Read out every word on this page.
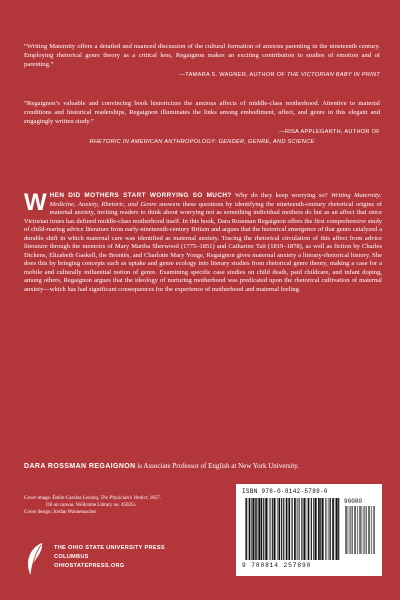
“Writing Maternity offers a detailed and nuanced discussion of the cultural formation of anxious parenting in the nineteenth century. Employing rhetorical genre theory as a critical lens, Regaignon makes an exciting contribution to studies of emotion and of parenting.”

—TAMARA S. WAGNER, AUTHOR OF THE VICTORIAN BABY IN PRINT

“Regaignon’s valuable and convincing book historicizes the anxious affects of middle-class motherhood. Attentive to material conditions and historical readerships, Regaignon illuminates the links among embodiment, affect, and genre in this elegant and engagingly written study.”

—RISA APPLEGARTH, AUTHOR OF
RHETORIC IN AMERICAN ANTHROPOLOGY: GENDER, GENRE, AND SCIENCE
WHEN DID MOTHERS START WORRYING SO MUCH? Why do they keep worrying so? Writing Maternity: Medicine, Anxiety, Rhetoric, and Genre answers these questions by identifying the nineteenth-century rhetorical origins of maternal anxiety, inviting readers to think about worrying not as something individual mothers do but as an affect that since Victorian times has defined middle-class motherhood itself. In this book, Dara Rossman Regaignon offers the first comprehensive study of child-rearing advice literature from early-nineteenth-century Britain and argues that the historical emergence of that genre catalyzed a durable shift in which maternal care was identified as maternal anxiety. Tracing the rhetorical circulation of this affect from advice literature through the memoirs of Mary Martha Sherwood (1775–1851) and Catharine Tait (1819–1878), as well as fiction by Charles Dickens, Elizabeth Gaskell, the Brontës, and Charlotte Mary Yonge, Regaignon gives maternal anxiety a literary-rhetorical history. She does this by bringing concepts such as uptake and genre ecology into literary studies from rhetorical genre theory, making a case for a mobile and culturally influential notion of genre. Examining specific case studies on child death, paid childcare, and infant doping, among others, Regaignon argues that the ideology of nurturing motherhood was predicated upon the rhetorical cultivation of maternal anxiety—which has had significant consequences for the experience of motherhood and maternal feeling.
DARA ROSSMAN REGAIGNON is Associate Professor of English at New York University.
Cover image: Émile-Carolus Leclerq, The Physician’s Verdict, 1857.
Oil on canvas. Wellcome Library no. 45025i.
Cover design: Jordan Wannemacher
THE OHIO STATE UNIVERSITY PRESS
COLUMBUS
OHIOSTATEPRESS.ORG
ISBN 978-0-8142-5789-0
90000
9 780814 257890
